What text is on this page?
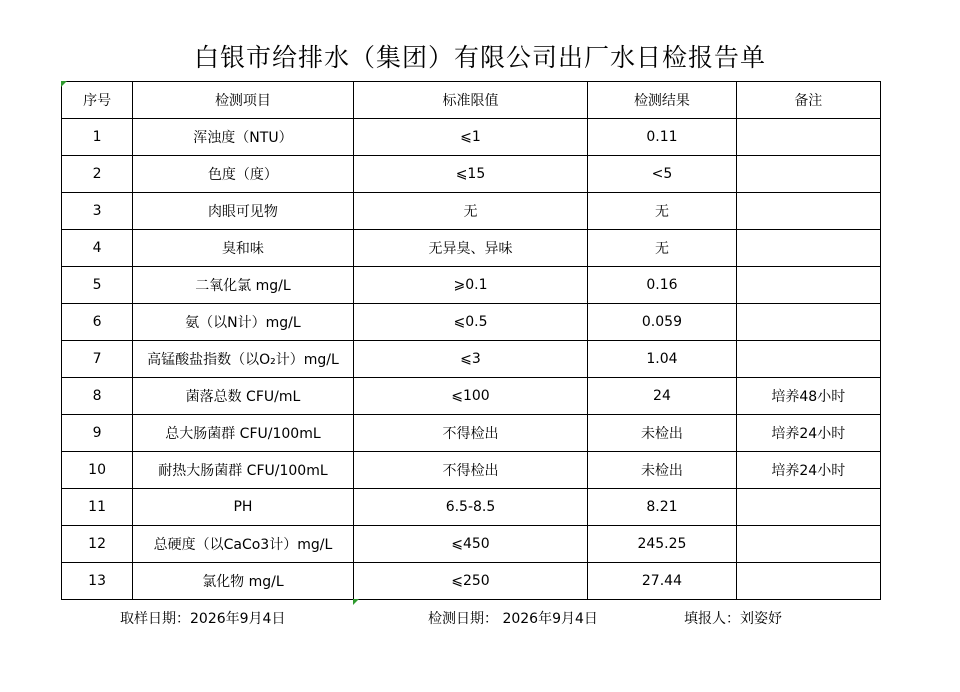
白银市给排水（集团）有限公司出厂水日检报告单
序号	检测项目	标准限值	检测结果	备注
1	浑浊度（NTU）	⩽1	0.11	
2	色度（度）	⩽15	<5	
3	肉眼可见物	无	无	
4	臭和味	无异臭、异味	无	
5	二氧化氯 mg/L	⩾0.1	0.16	
6	氨（以N计）mg/L	⩽0.5	0.059	
7	高锰酸盐指数（以O₂计）mg/L	⩽3	1.04	
8	菌落总数 CFU/mL	⩽100	24	培养48小时
9	总大肠菌群 CFU/100mL	不得检出	未检出	培养24小时
10	耐热大肠菌群 CFU/100mL	不得检出	未检出	培养24小时
11	PH	6.5-8.5	8.21	
12	总硬度（以CaCo3计）mg/L	⩽450	245.25	
13	氯化物 mg/L	⩽250	27.44	
取样日期：2026年9月4日	检测日期： 2026年9月4日	填报人：刘姿妤
